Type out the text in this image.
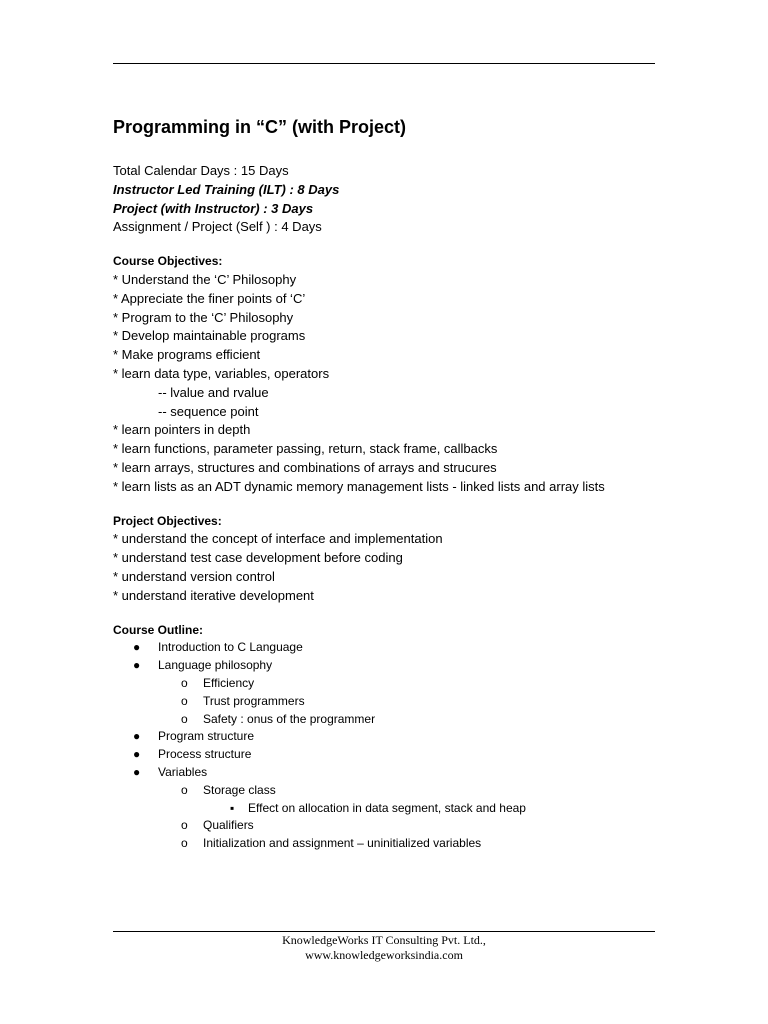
Programming in “C” (with Project)
Total Calendar Days : 15 Days
Instructor Led Training (ILT) : 8 Days
Project (with Instructor) : 3 Days
Assignment / Project (Self ) : 4 Days
Course Objectives:
* Understand the ‘C’ Philosophy
* Appreciate the finer points of ‘C’
* Program to the ‘C’ Philosophy
* Develop maintainable programs
* Make programs efficient
* learn data type, variables, operators
-- lvalue and rvalue
-- sequence point
* learn pointers in depth
* learn functions, parameter passing, return, stack frame, callbacks
* learn arrays, structures and combinations of arrays and strucures
* learn lists as an ADT dynamic memory management lists - linked lists and array lists
Project Objectives:
* understand the concept of interface and implementation
* understand test case development before coding
* understand version control
* understand iterative development
Course Outline:
● Introduction to C Language
● Language philosophy
o Efficiency
o Trust programmers
o Safety : onus of the programmer
● Program structure
● Process structure
● Variables
o Storage class
▪ Effect on allocation in data segment, stack and heap
o Qualifiers
o Initialization and assignment – uninitialized variables
KnowledgeWorks IT Consulting Pvt. Ltd.,
www.knowledgeworksindia.com
